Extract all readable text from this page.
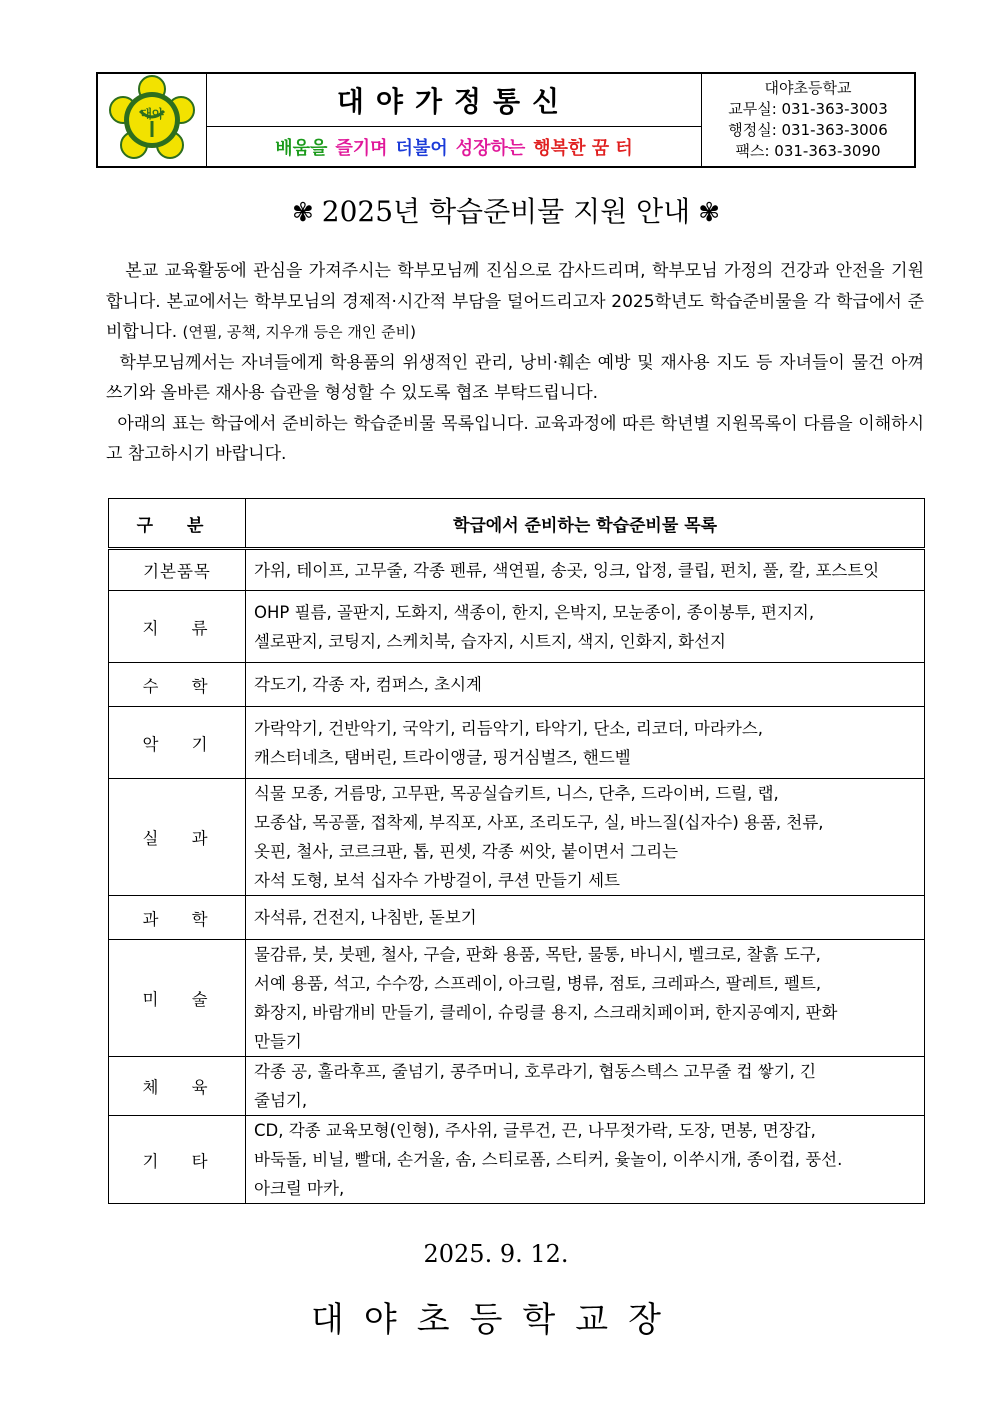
대야	대야가정통신
배움을 즐기며 더불어 성장하는 행복한 꿈 터
대야초등학교
교무실: 031-363-3003
행정실: 031-363-3006
팩스: 031-363-3090
✾ 2025년 학습준비물 지원 안내 ✾

본교 교육활동에 관심을 가져주시는 학부모님께 진심으로 감사드리며, 학부모님 가정의 건강과 안전을 기원합니다. 본교에서는 학부모님의 경제적·시간적 부담을 덜어드리고자 2025학년도 학습준비물을 각 학급에서 준비합니다. (연필, 공책, 지우개 등은 개인 준비)

학부모님께서는 자녀들에게 학용품의 위생적인 관리, 낭비·훼손 예방 및 재사용 지도 등 자녀들이 물건 아껴 쓰기와 올바른 재사용 습관을 형성할 수 있도록 협조 부탁드립니다.

아래의 표는 학급에서 준비하는 학습준비물 목록입니다. 교육과정에 따른 학년별 지원목록이 다름을 이해하시고 참고하시기 바랍니다.

구 분	학급에서 준비하는 학습준비물 목록
기본품목	가위, 테이프, 고무줄, 각종 펜류, 색연필, 송곳, 잉크, 압정, 클립, 펀치, 풀, 칼, 포스트잇

지 류	OHP 필름, 골판지, 도화지, 색종이, 한지, 은박지, 모눈종이, 종이봉투, 편지지,
셀로판지, 코팅지, 스케치북, 습자지, 시트지, 색지, 인화지, 화선지

수 학	각도기, 각종 자, 컴퍼스, 초시계

악 기	가락악기, 건반악기, 국악기, 리듬악기, 타악기, 단소, 리코더, 마라카스,
캐스터네츠, 탬버린, 트라이앵글, 핑거심벌즈, 핸드벨

실 과	식물 모종, 거름망, 고무판, 목공실습키트, 니스, 단추, 드라이버, 드릴, 랩,
모종삽, 목공풀, 접착제, 부직포, 사포, 조리도구, 실, 바느질(십자수) 용품, 천류,
옷핀, 철사, 코르크판, 톱, 핀셋, 각종 씨앗, 붙이면서 그리는
자석 도형, 보석 십자수 가방걸이, 쿠션 만들기 세트

과 학	자석류, 건전지, 나침반, 돋보기

미 술	물감류, 붓, 붓펜, 철사, 구슬, 판화 용품, 목탄, 물통, 바니시, 벨크로, 찰흙 도구,
서예 용품, 석고, 수수깡, 스프레이, 아크릴, 병류, 점토, 크레파스, 팔레트, 펠트,
화장지, 바람개비 만들기, 클레이, 슈링클 용지, 스크래치페이퍼, 한지공예지, 판화
만들기

체 육	각종 공, 훌라후프, 줄넘기, 콩주머니, 호루라기, 협동스텍스 고무줄 컵 쌓기, 긴
줄넘기,

기 타	CD, 각종 교육모형(인형), 주사위, 글루건, 끈, 나무젓가락, 도장, 면봉, 면장갑,
바둑돌, 비닐, 빨대, 손거울, 솜, 스티로폼, 스티커, 윷놀이, 이쑤시개, 종이컵, 풍선.
아크릴 마카,
2025. 9. 12.
대야초등학교장
